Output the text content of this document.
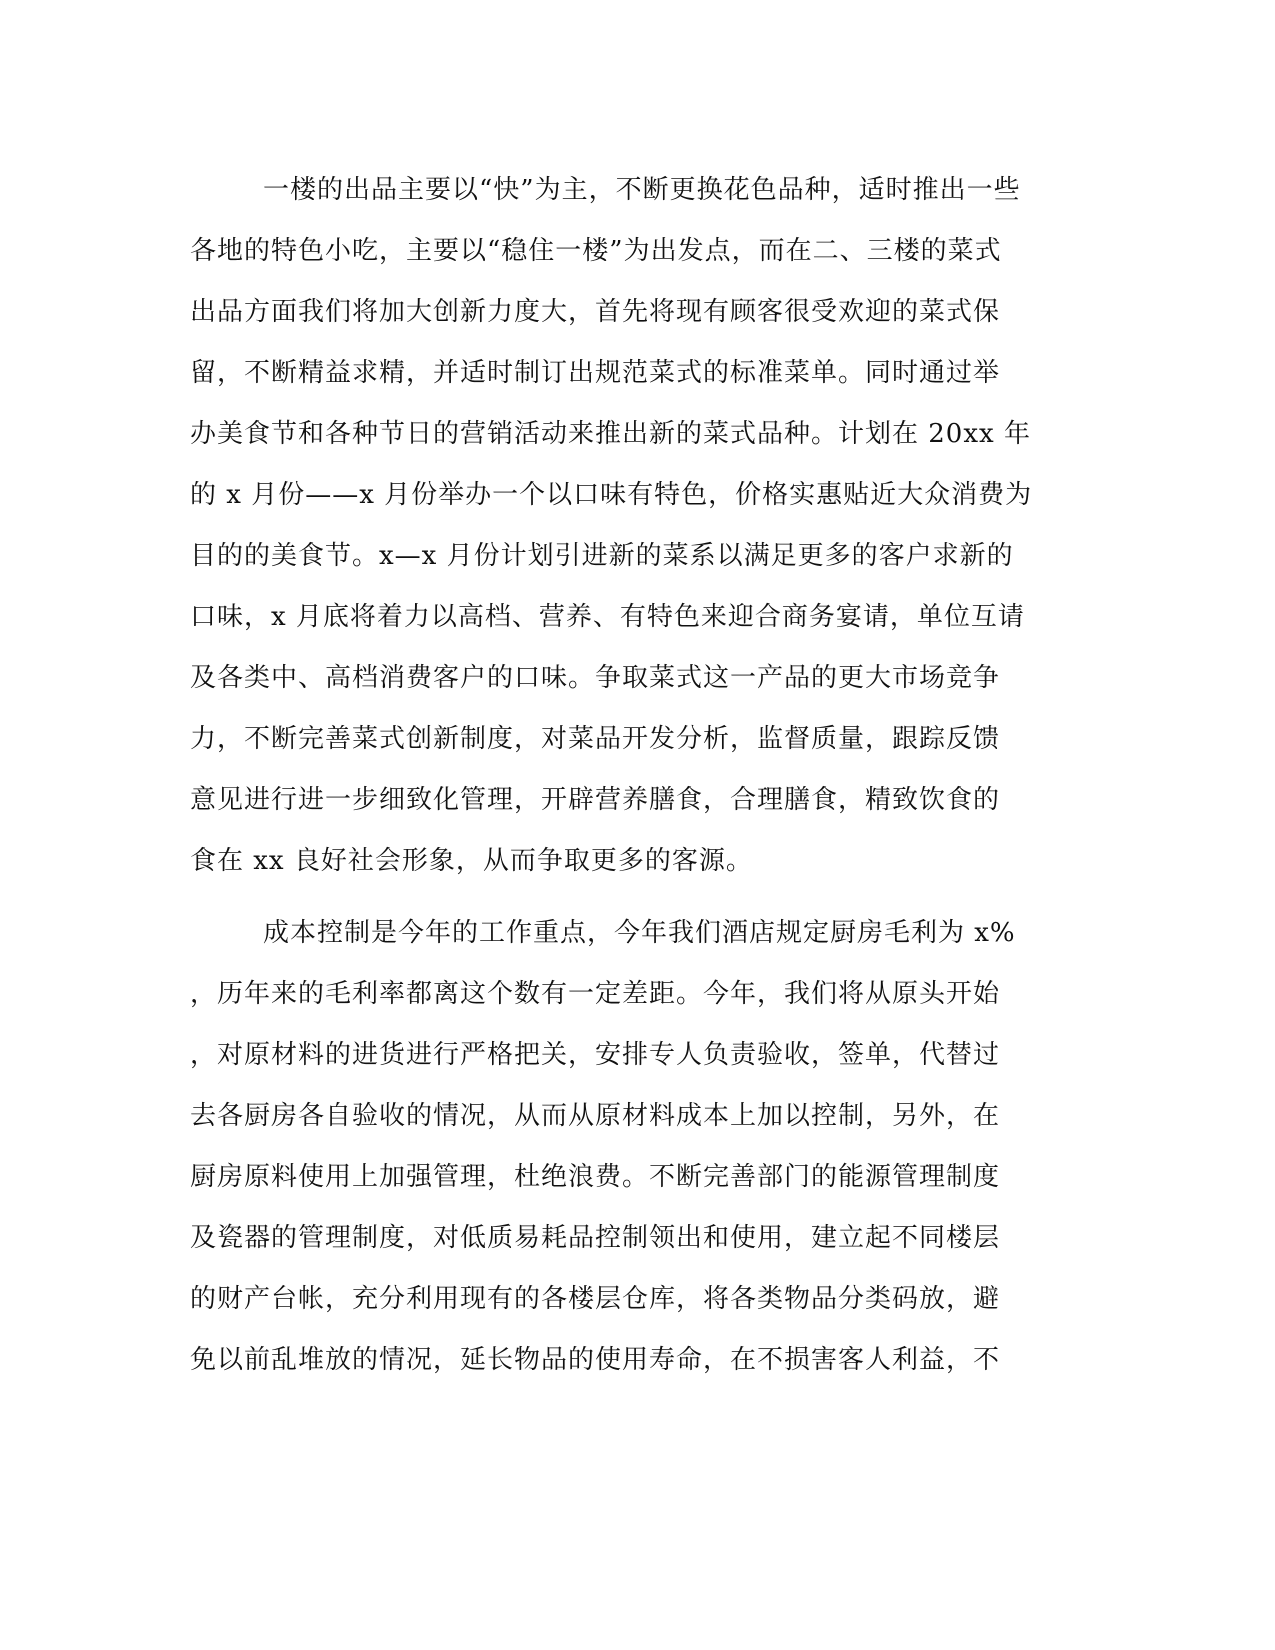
一楼的出品主要以“快”为主，不断更换花色品种，适时推出一些
各地的特色小吃，主要以“稳住一楼”为出发点，而在二、三楼的菜式
出品方面我们将加大创新力度大，首先将现有顾客很受欢迎的菜式保
留，不断精益求精，并适时制订出规范菜式的标准菜单。同时通过举
办美食节和各种节日的营销活动来推出新的菜式品种。计划在 20xx 年
的 x 月份——x 月份举办一个以口味有特色，价格实惠贴近大众消费为
目的的美食节。x—x 月份计划引进新的菜系以满足更多的客户求新的
口味，x 月底将着力以高档、营养、有特色来迎合商务宴请，单位互请
及各类中、高档消费客户的口味。争取菜式这一产品的更大市场竞争
力，不断完善菜式创新制度，对菜品开发分析，监督质量，跟踪反馈
意见进行进一步细致化管理，开辟营养膳食，合理膳食，精致饮食的
食在 xx 良好社会形象，从而争取更多的客源。
成本控制是今年的工作重点，今年我们酒店规定厨房毛利为 x%
，历年来的毛利率都离这个数有一定差距。今年，我们将从原头开始
，对原材料的进货进行严格把关，安排专人负责验收，签单，代替过
去各厨房各自验收的情况，从而从原材料成本上加以控制，另外，在
厨房原料使用上加强管理，杜绝浪费。不断完善部门的能源管理制度
及瓷器的管理制度，对低质易耗品控制领出和使用，建立起不同楼层
的财产台帐，充分利用现有的各楼层仓库，将各类物品分类码放，避
免以前乱堆放的情况，延长物品的使用寿命，在不损害客人利益，不
